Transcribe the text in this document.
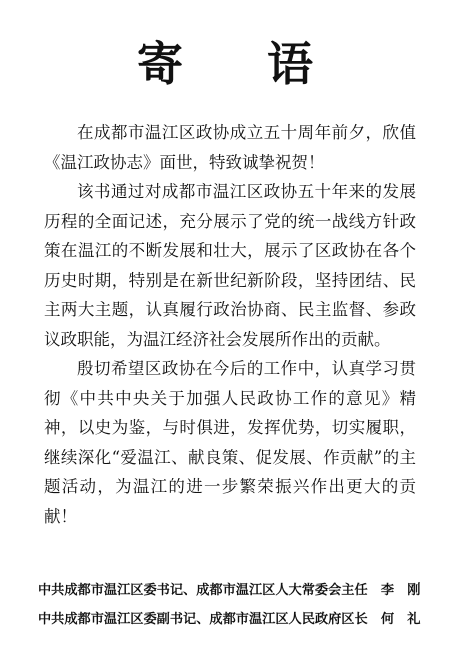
寄 语

在成都市温江区政协成立五十周年前夕，欣值《温江政协志》面世，特致诚挚祝贺！

该书通过对成都市温江区政协五十年来的发展历程的全面记述，充分展示了党的统一战线方针政策在温江的不断发展和壮大，展示了区政协在各个历史时期，特别是在新世纪新阶段，坚持团结、民主两大主题，认真履行政治协商、民主监督、参政议政职能，为温江经济社会发展所作出的贡献。

殷切希望区政协在今后的工作中，认真学习贯彻《中共中央关于加强人民政协工作的意见》精神，以史为鉴，与时俱进，发挥优势，切实履职，继续深化“爱温江、献良策、促发展、作贡献”的主题活动，为温江的进一步繁荣振兴作出更大的贡献！

中共成都市温江区委书记、成都市温江区人大常委会主任　李　刚
中共成都市温江区委副书记、成都市温江区人民政府区长　何　礼
